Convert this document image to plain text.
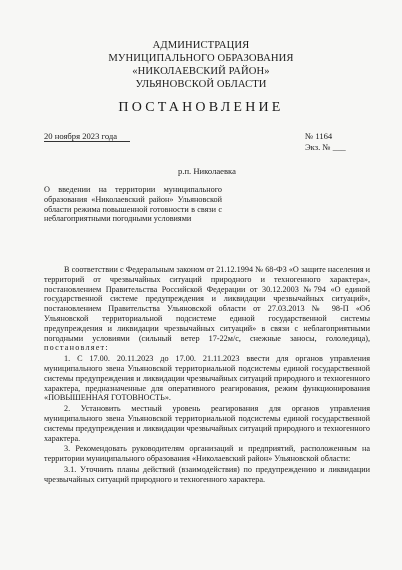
АДМИНИСТРАЦИЯ
МУНИЦИПАЛЬНОГО ОБРАЗОВАНИЯ
«НИКОЛАЕВСКИЙ РАЙОН»
УЛЬЯНОВСКОЙ ОБЛАСТИ
ПОСТАНОВЛЕНИЕ
20 ноября 2023 года	№ 1164
Экз. № ___
р.п. Николаевка
О введении на территории муниципального образования «Николаевский район» Ульяновской области режима повышенной готовности в связи с неблагоприятными погодными условиями

В соответствии с Федеральным законом от 21.12.1994 № 68-ФЗ «О защите населения и территорий от чрезвычайных ситуаций природного и техногенного характера», постановлением Правительства Российской Федерации от 30.12.2003 №794 «О единой государственной системе предупреждения и ликвидации чрезвычайных ситуаций», постановлением Правительства Ульяновской области от 27.03.2013 № 98-П «Об Ульяновской территориальной подсистеме единой государственной системы предупреждения и ликвидации чрезвычайных ситуаций» в связи с неблагоприятными погодными условиями (сильный ветер 17-22м/с, снежные заносы, гололедица), постановляет:

1. С 17.00. 20.11.2023 до 17.00. 21.11.2023 ввести для органов управления муниципального звена Ульяновской территориальной подсистемы единой государственной системы предупреждения и ликвидации чрезвычайных ситуаций природного и техногенного характера, предназначенные для оперативного реагирования, режим функционирования «ПОВЫШЕННАЯ ГОТОВНОСТЬ».

2. Установить местный уровень реагирования для органов управления муниципального звена Ульяновской территориальной подсистемы единой государственной системы предупреждения и ликвидации чрезвычайных ситуаций природного и техногенного характера.

3. Рекомендовать руководителям организаций и предприятий, расположенным на территории муниципального образования «Николаевский район» Ульяновской области:

3.1. Уточнить планы действий (взаимодействия) по предупреждению и ликвидации чрезвычайных ситуаций природного и техногенного характера.
